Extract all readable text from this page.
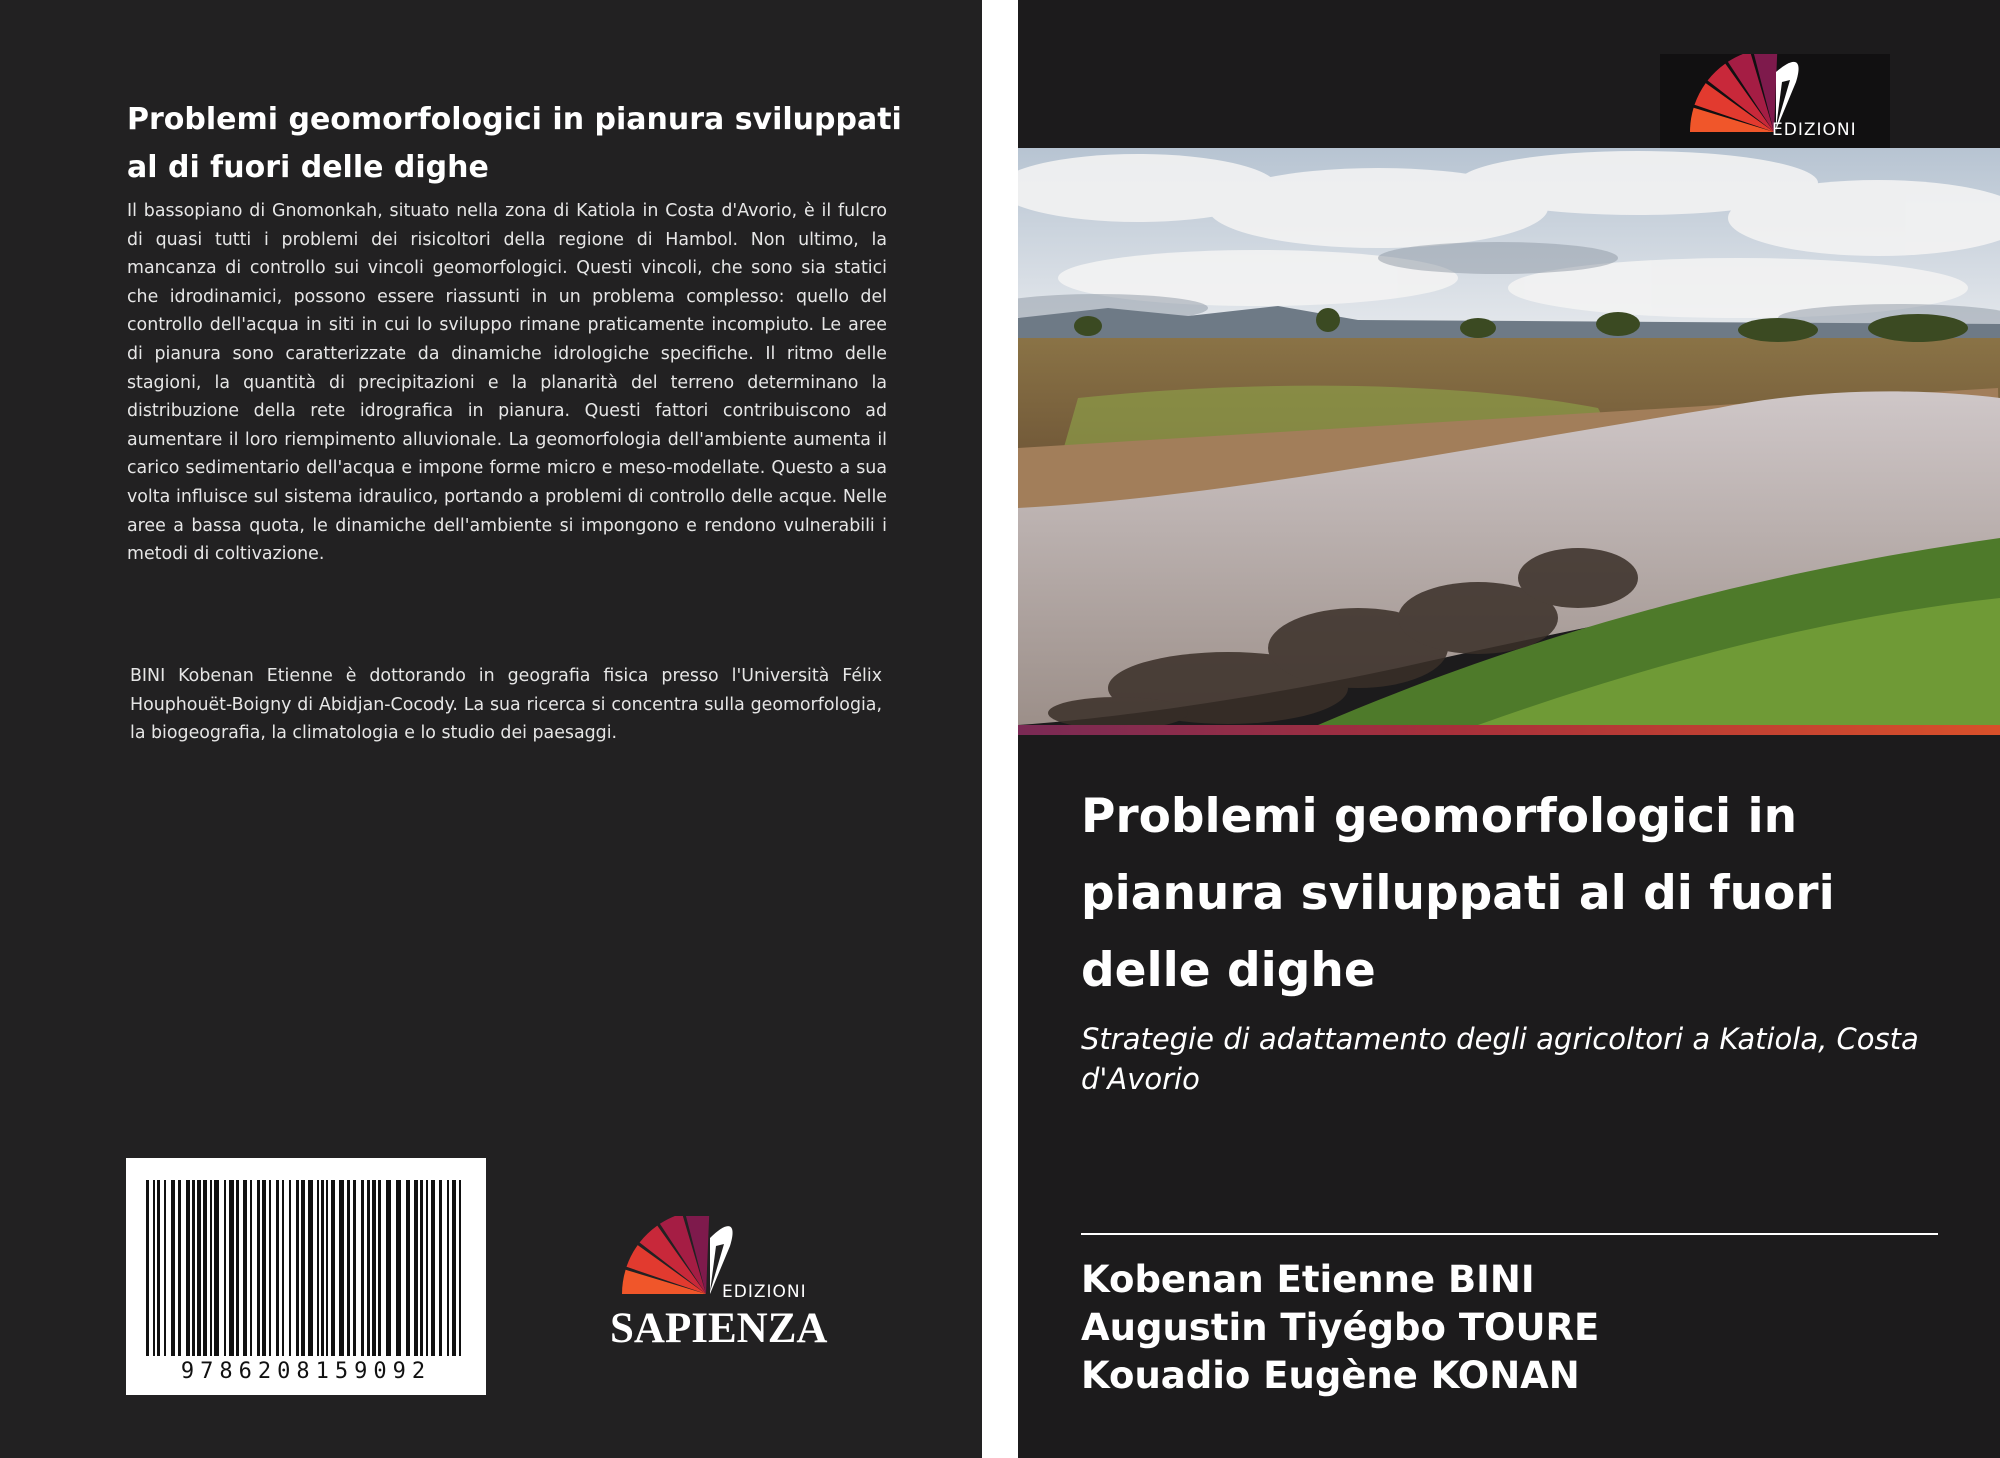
Problemi geomorfologici in pianura sviluppati al di fuori delle dighe

Il bassopiano di Gnomonkah, situato nella zona di Katiola in Costa d'Avorio, è il fulcro di quasi tutti i problemi dei risicoltori della regione di Hambol. Non ultimo, la mancanza di controllo sui vincoli geomorfologici. Questi vincoli, che sono sia statici che idrodinamici, possono essere riassunti in un problema complesso: quello del controllo dell'acqua in siti in cui lo sviluppo rimane praticamente incompiuto. Le aree di pianura sono caratterizzate da dinamiche idrologiche specifiche. Il ritmo delle stagioni, la quantità di precipitazioni e la planarità del terreno determinano la distribuzione della rete idrografica in pianura. Questi fattori contribuiscono ad aumentare il loro riempimento alluvionale. La geomorfologia dell'ambiente aumenta il carico sedimentario dell'acqua e impone forme micro e meso-modellate. Questo a sua volta influisce sul sistema idraulico, portando a problemi di controllo delle acque. Nelle aree a bassa quota, le dinamiche dell'ambiente si impongono e rendono vulnerabili i metodi di coltivazione.

BINI Kobenan Etienne è dottorando in geografia fisica presso l'Università Félix Houphouët-Boigny di Abidjan-Cocody. La sua ricerca si concentra sulla geomorfologia, la biogeografia, la climatologia e lo studio dei paesaggi.

9786208159092
EDIZIONI
SAPIENZA
EDIZIONI
Problemi geomorfologici in pianura sviluppati al di fuori delle dighe

Strategie di adattamento degli agricoltori a Katiola, Costa d'Avorio

Kobenan Etienne BINI
Augustin Tiyégbo TOURE
Kouadio Eugène KONAN
